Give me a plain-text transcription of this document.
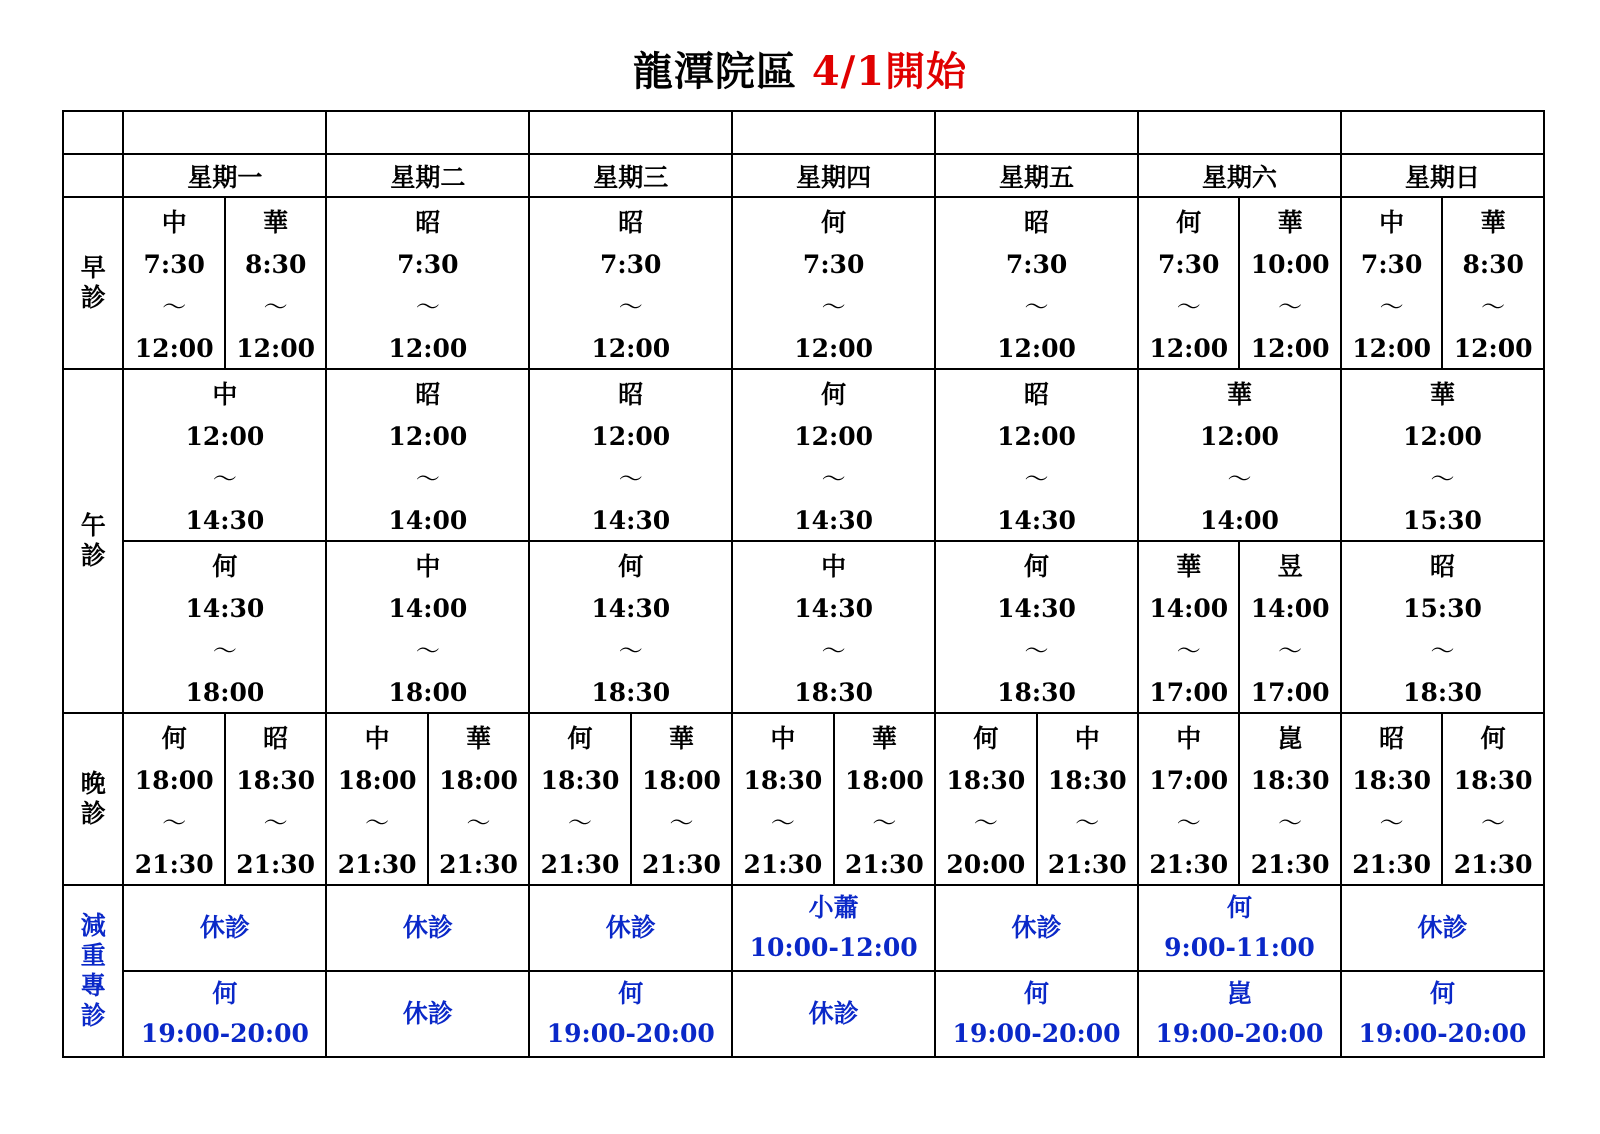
龍潭院區 4/1開始

	星期一		星期二		星期三		星期四		星期五		星期六		星期日	
早診	中
7:30
～
12:00	華
8:30
～
12:00	昭
7:30
～
12:00		昭
7:30
～
12:00		何
7:30
～
12:00		昭
7:30
～
12:00		何
7:30
～
12:00	華
10:00
～
12:00	中
7:30
～
12:00	華
8:30
～
12:00

午診	中
12:00
～
14:30		昭
12:00
～
14:00		昭
12:00
～
14:30		何
12:00
～
14:30		昭
12:00
～
14:30		華
12:00
～
14:00		華
12:00
～
15:30	

	何
14:30
～
18:00		中
14:00
～
18:00		何
14:30
～
18:30		中
14:30
～
18:30		何
14:30
～
18:30		華
14:00
～
17:00	昱
14:00
～
17:00	昭
15:30
～
18:30	

晚診	何
18:00
～
21:30	昭
18:30
～
21:30	中
18:00
～
21:30	華
18:00
～
21:30	何
18:30
～
21:30	華
18:00
～
21:30	中
18:30
～
21:30	華
18:00
～
21:30	何
18:30
～
20:00	中
18:30
～
21:30	中
17:00
～
21:30	崑
18:30
～
21:30	昭
18:30
～
21:30	何
18:30
～
21:30

減重專診	休診		休診		休診		小蕭
10:00-12:00		休診		何
9:00-11:00		休診	

	何
19:00-20:00		休診		何
19:00-20:00		休診		何
19:00-20:00		崑
19:00-20:00		何
19:00-20:00	
